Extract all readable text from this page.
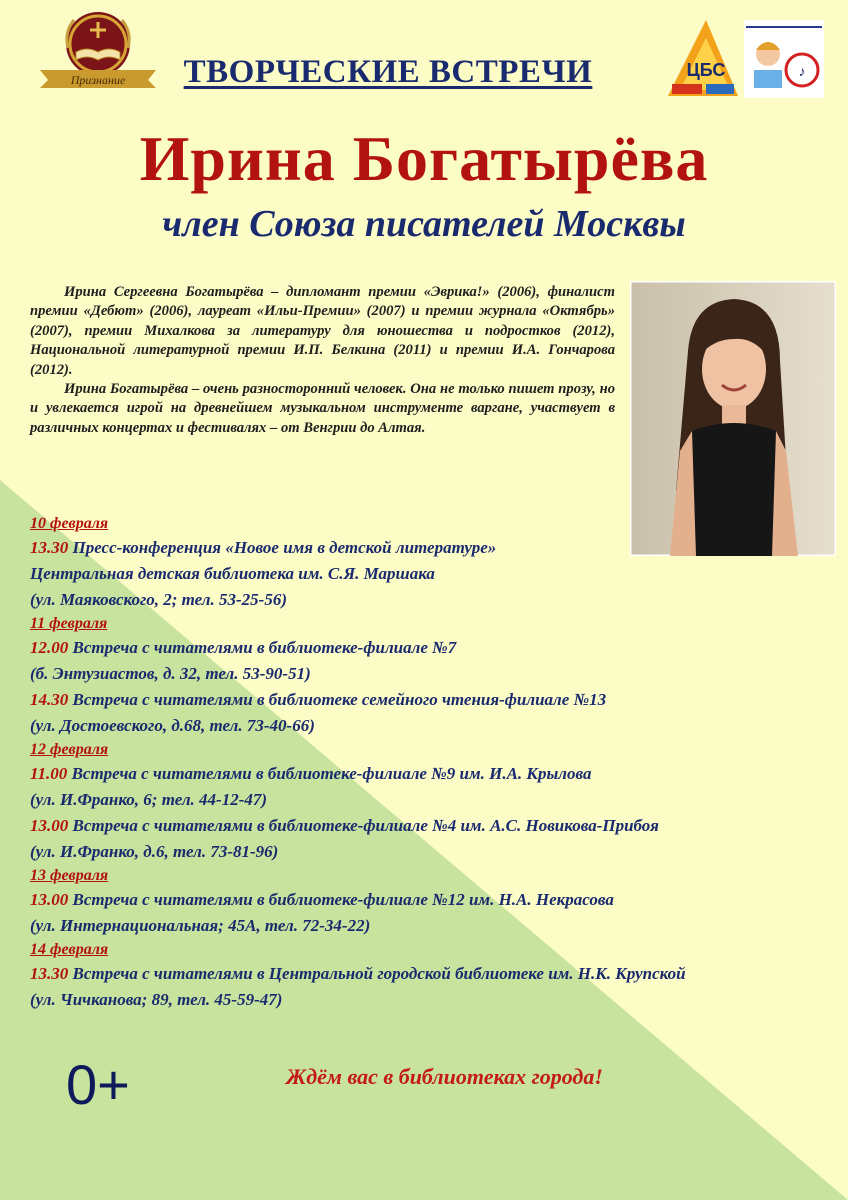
Признание	ЦБС	♪
ТВОРЧЕСКИЕ ВСТРЕЧИ
Ирина Богатырёва
член Союза писателей Москвы

Ирина Сергеевна Богатырёва – дипломант премии «Эврика!» (2006), финалист премии «Дебют» (2006), лауреат «Ильи-Премии» (2007) и премии журнала «Октябрь» (2007), премии Михалкова за литературу для юношества и подростков (2012), Национальной литературной премии И.П. Белкина (2011) и премии И.А. Гончарова (2012).

Ирина Богатырёва – очень разносторонний человек. Она не только пишет прозу, но и увлекается игрой на древнейшем музыкальном инструменте варгане, участвует в различных концертах и фестивалях – от Венгрии до Алтая.

10 февраля
13.30 Пресс-конференция «Новое имя в детской литературе»
Центральная детская библиотека им. С.Я. Маршака
(ул. Маяковского, 2; тел. 53-25-56)
11 февраля
12.00 Встреча с читателями в библиотеке-филиале №7
(б. Энтузиастов, д. 32, тел. 53-90-51)
14.30 Встреча с читателями в библиотеке семейного чтения-филиале №13
(ул. Достоевского, д.68, тел. 73-40-66)
12 февраля
11.00 Встреча с читателями в библиотеке-филиале №9 им. И.А. Крылова
(ул. И.Франко, 6; тел. 44-12-47)
13.00 Встреча с читателями в библиотеке-филиале №4 им. А.С. Новикова-Прибоя
(ул. И.Франко, д.6, тел. 73-81-96)
13 февраля
13.00 Встреча с читателями в библиотеке-филиале №12 им. Н.А. Некрасова
(ул. Интернациональная; 45А, тел. 72-34-22)
14 февраля
13.30 Встреча с читателями в Центральной городской библиотеке им. Н.К. Крупской
(ул. Чичканова; 89, тел. 45-59-47)
0+	Ждём вас в библиотеках города!
